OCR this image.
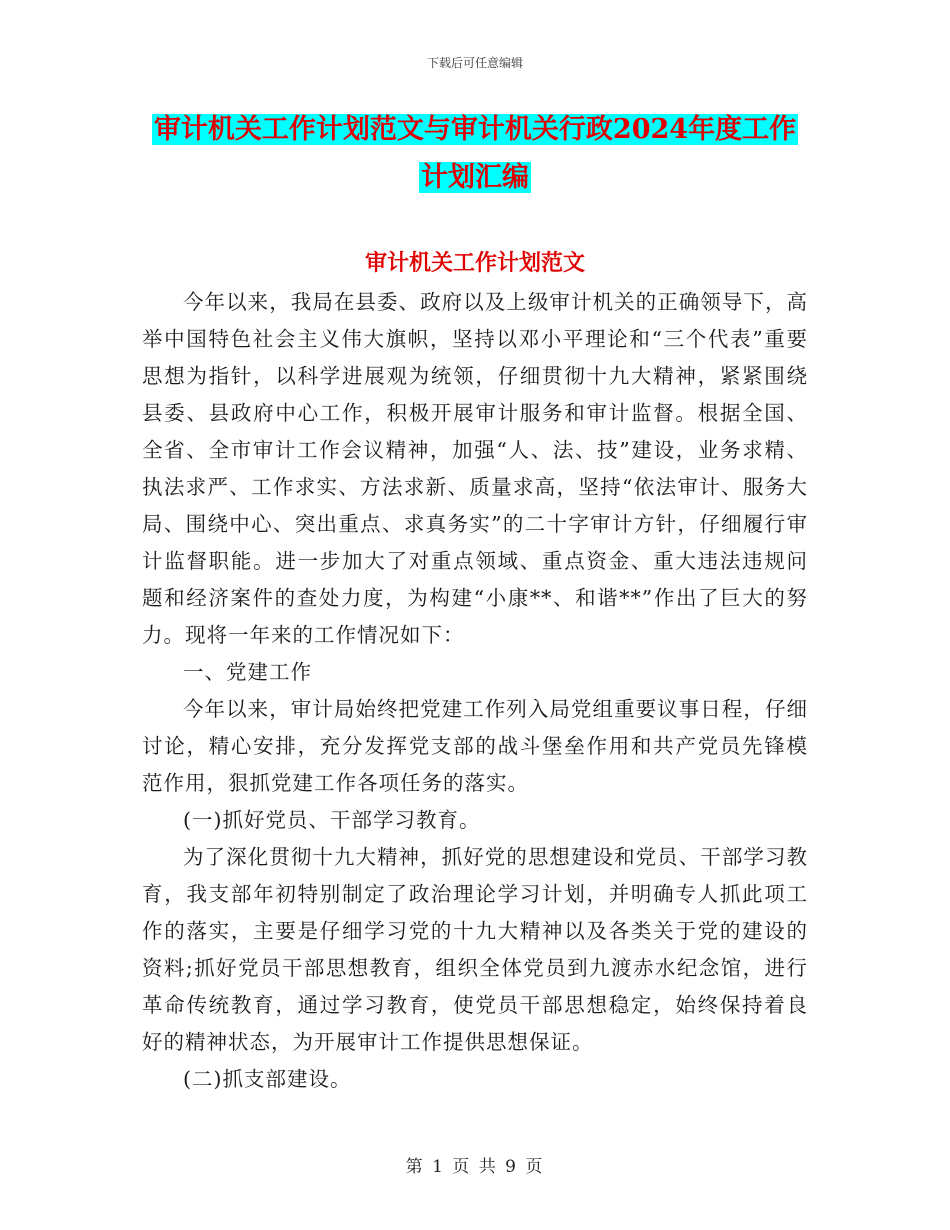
下载后可任意编辑
审计机关工作计划范文与审计机关行政2024年度工作
计划汇编
审计机关工作计划范文

今年以来，我局在县委、政府以及上级审计机关的正确领导下，高举中国特色社会主义伟大旗帜，坚持以邓小平理论和“三个代表”重要思想为指针，以科学进展观为统领，仔细贯彻十九大精神，紧紧围绕县委、县政府中心工作，积极开展审计服务和审计监督。根据全国、全省、全市审计工作会议精神，加强“人、法、技”建设，业务求精、执法求严、工作求实、方法求新、质量求高，坚持“依法审计、服务大局、围绕中心、突出重点、求真务实”的二十字审计方针，仔细履行审计监督职能。进一步加大了对重点领域、重点资金、重大违法违规问题和经济案件的查处力度，为构建“小康**、和谐**”作出了巨大的努力。现将一年来的工作情况如下：

一、党建工作

今年以来，审计局始终把党建工作列入局党组重要议事日程，仔细讨论，精心安排，充分发挥党支部的战斗堡垒作用和共产党员先锋模范作用，狠抓党建工作各项任务的落实。

(一)抓好党员、干部学习教育。

为了深化贯彻十九大精神，抓好党的思想建设和党员、干部学习教育，我支部年初特别制定了政治理论学习计划，并明确专人抓此项工作的落实，主要是仔细学习党的十九大精神以及各类关于党的建设的资料;抓好党员干部思想教育，组织全体党员到九渡赤水纪念馆，进行革命传统教育，通过学习教育，使党员干部思想稳定，始终保持着良好的精神状态，为开展审计工作提供思想保证。

(二)抓支部建设。

第 1 页 共 9 页
